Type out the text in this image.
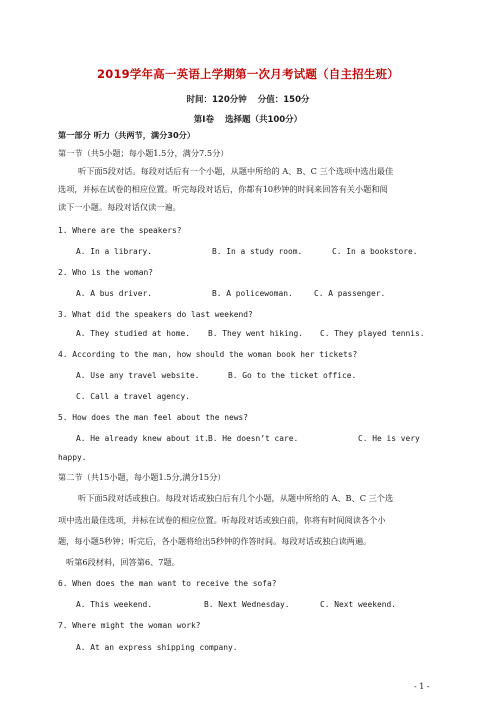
2019学年高一英语上学期第一次月考试题（自主招生班）
时间：120分钟 分值：150分
第Ⅰ卷 选择题（共100分）
第一部分 听力（共两节，满分30分）
第一节（共5小题；每小题1.5分，满分7.5分）
听下面5段对话。每段对话后有一个小题，从题中所给的 A、B、C 三个选项中选出最佳
选项，并标在试卷的相应位置。听完每段对话后，你都有10秒钟的时间来回答有关小题和阅
读下一小题。每段对话仅读一遍。
1. Where are the speakers?
A. In a library.	B. In a study room.	C. In a bookstore.
2. Who is the woman?
A. A bus driver.	B. A policewoman.	C. A passenger.
3. What did the speakers do last weekend?
A. They studied at home. B. They went hiking. C. They played tennis.
4. According to the man, how should the woman book her tickets?
A. Use any travel website.	B. Go to the ticket office.
C. Call a travel agency.
5. How does the man feel about the news?
A. He already knew about it.
B. He doesn’t care.	C. He is very
happy.
第二节（共15小题，每小题1.5分,满分15分）
听下面5段对话或独白。每段对话或独白后有几个小题，从题中所给的 A、B、C 三个选
项中选出最佳选项，并标在试卷的相应位置。听每段对话或独白前，你将有时间阅读各个小
题，每小题5秒钟；听完后，各小题将给出5秒钟的作答时间。每段对话或独白读两遍。
听第6段材料，回答第6、7题。
6. When does the man want to receive the sofa?
A. This weekend.	B. Next Wednesday.	C. Next weekend.
7. Where might the woman work?
A. At an express shipping company.
- 1 -
